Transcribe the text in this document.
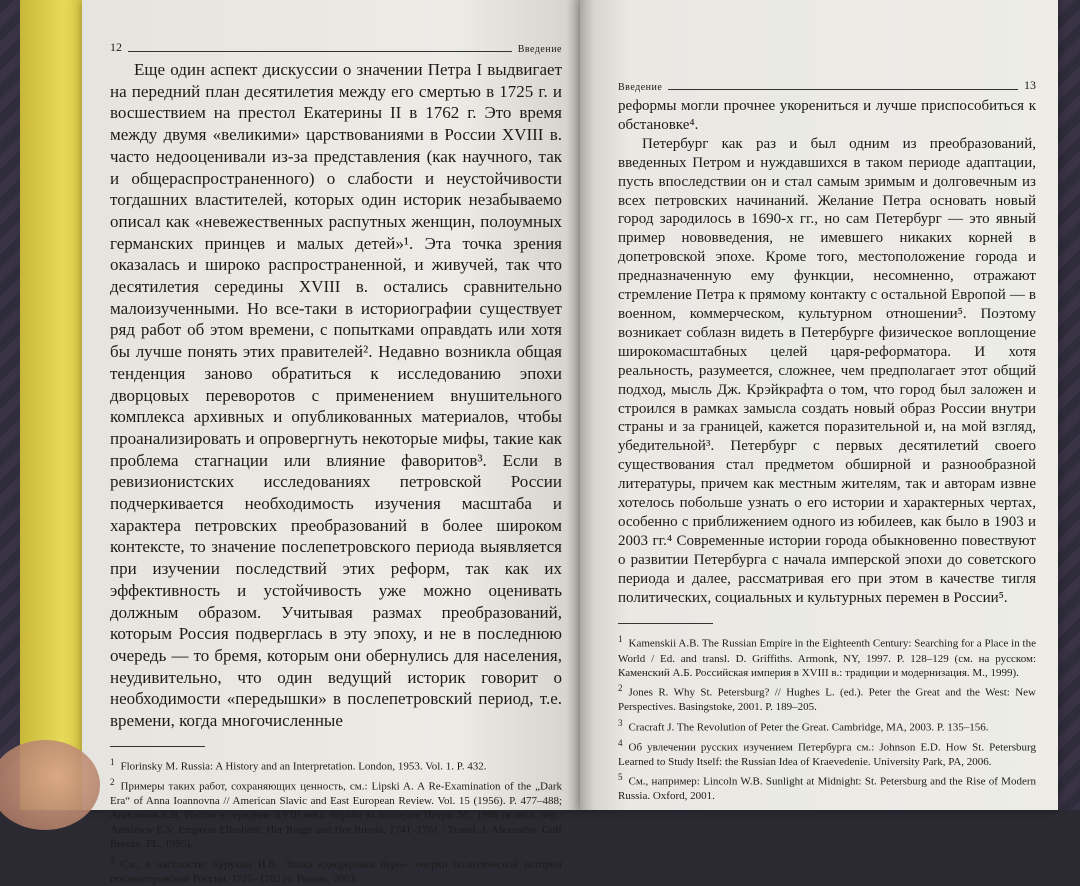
12	Введение

Еще один аспект дискуссии о значении Петра I выдвигает на передний план десятилетия между его смертью в 1725 г. и восшествием на престол Екатерины II в 1762 г. Это время между двумя «великими» царствованиями в России XVIII в. часто недооценивали из-за представления (как научного, так и общераспространенного) о слабости и неустойчивости тогдашних властителей, которых один историк незабываемо описал как «невежественных распутных женщин, полоумных германских принцев и малых детей»¹. Эта точка зрения оказалась и широко распространенной, и живучей, так что десятилетия середины XVIII в. остались сравнительно малоизученными. Но все-таки в историографии существует ряд работ об этом времени, с попытками оправдать или хотя бы лучше понять этих правителей². Недавно возникла общая тенденция заново обратиться к исследованию эпохи дворцовых переворотов с применением внушительного комплекса архивных и опубликованных материалов, чтобы проанализировать и опровергнуть некоторые мифы, такие как проблема стагнации или влияние фаворитов³. Если в ревизионистских исследованиях петровской России подчеркивается необходимость изучения масштаба и характера петровских преобразований в более широком контексте, то значение послепетровского периода выявляется при изучении последствий этих реформ, так как их эффективность и устойчивость уже можно оценивать должным образом. Учитывая размах преобразований, которым Россия подверглась в эту эпоху, и не в последнюю очередь — то бремя, которым они обернулись для населения, неудивительно, что один ведущий историк говорит о необходимости «передышки» в послепетровский период, т.е. времени, когда многочисленные

$^1$ Florinsky M. Russia: A History and an Interpretation. London, 1953. Vol. 1. P. 432.

$^2$ Примеры таких работ, сохраняющих ценность, см.: Lipski A. A Re-Examination of the „Dark Era“ of Anna Ioannovna // American Slavic and East European Review. Vol. 15 (1956). P. 477–488; Анисимов Е.В. Россия в середине XVIII века: борьба за наследие Петра. М., 1986 (в англ. пер.: Anisimov E.V. Empress Elisabeth: Her Reign and Her Russia, 1741–1761 / Transl. J. Alexander. Gulf Breeze, FL, 1995).

$^3$ См., в частности: Курукин И.В. Эпоха «дворцовых бурь»: очерки политической истории послепетровской России. 1725–1762 гг. Рязань, 2003.

Введение	13

реформы могли прочнее укорениться и лучше приспособиться к обстановке⁴.

Петербург как раз и был одним из преобразований, введенных Петром и нуждавшихся в таком периоде адаптации, пусть впоследствии он и стал самым зримым и долговечным из всех петровских начинаний. Желание Петра основать новый город зародилось в 1690-х гг., но сам Петербург — это явный пример нововведения, не имевшего никаких корней в допетровской эпохе. Кроме того, местоположение города и предназначенную ему функции, несомненно, отражают стремление Петра к прямому контакту с остальной Европой — в военном, коммерческом, культурном отношении⁵. Поэтому возникает соблазн видеть в Петербурге физическое воплощение широкомасштабных целей царя-реформатора. И хотя реальность, разумеется, сложнее, чем предполагает этот общий подход, мысль Дж. Крэйкрафта о том, что город был заложен и строился в рамках замысла создать новый образ России внутри страны и за границей, кажется поразительной и, на мой взгляд, убедительной³. Петербург с первых десятилетий своего существования стал предметом обширной и разнообразной литературы, причем как местным жителям, так и авторам извне хотелось побольше узнать о его истории и характерных чертах, особенно с приближением одного из юбилеев, как было в 1903 и 2003 гг.⁴ Современные истории города обыкновенно повествуют о развитии Петербурга с начала имперской эпохи до советского периода и далее, рассматривая его при этом в качестве тигля политических, социальных и культурных перемен в России⁵.

$^1$ Kamenskii A.B. The Russian Empire in the Eighteenth Century: Searching for a Place in the World / Ed. and transl. D. Griffiths. Armonk, NY, 1997. P. 128–129 (см. на русском: Каменский А.Б. Российская империя в XVIII в.: традиции и модернизация. М., 1999).

$^2$ Jones R. Why St. Petersburg? // Hughes L. (ed.). Peter the Great and the West: New Perspectives. Basingstoke, 2001. P. 189–205.

$^3$ Cracraft J. The Revolution of Peter the Great. Cambridge, MA, 2003. P. 135–156.

$^4$ Об увлечении русских изучением Петербурга см.: Johnson E.D. How St. Petersburg Learned to Study Itself: the Russian Idea of Kraevedenie. University Park, PA, 2006.

$^5$ См., например: Lincoln W.B. Sunlight at Midnight: St. Petersburg and the Rise of Modern Russia. Oxford, 2001.
